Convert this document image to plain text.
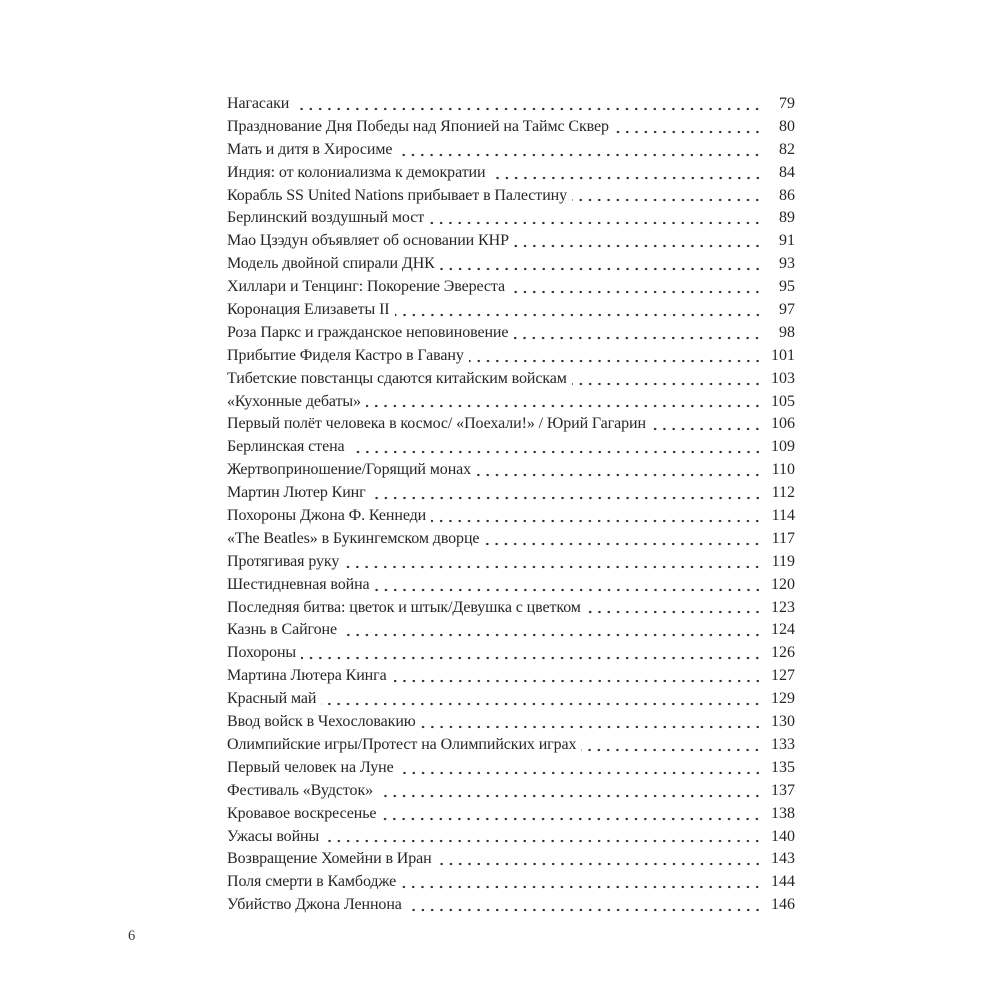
Нагасаки	79
Празднование Дня Победы над Японией на Таймс Сквер	80
Мать и дитя в Хиросиме	82
Индия: от колониализма к демократии	84
Корабль SS United Nations прибывает в Палестину	86
Берлинский воздушный мост	89
Мао Цзэдун объявляет об основании КНР	91
Модель двойной спирали ДНК	93
Хиллари и Тенцинг: Покорение Эвереста	95
Коронация Елизаветы II	97
Роза Паркс и гражданское неповиновение	98
Прибытие Фиделя Кастро в Гавану	101
Тибетские повстанцы сдаются китайским войскам	103
«Кухонные дебаты»	105
Первый полёт человека в космос/ «Поехали!» / Юрий Гагарин	106
Берлинская стена	109
Жертвоприношение/Горящий монах	110
Мартин Лютер Кинг	112
Похороны Джона Ф. Кеннеди	114
«The Beatles» в Букингемском дворце	117
Протягивая руку	119
Шестидневная война	120
Последняя битва: цветок и штык/Девушка с цветком	123
Казнь в Сайгоне	124
Похороны	126
Мартина Лютера Кинга	127
Красный май	129
Ввод войск в Чехословакию	130
Олимпийские игры/Протест на Олимпийских играх	133
Первый человек на Луне	135
Фестиваль «Вудсток»	137
Кровавое воскресенье	138
Ужасы войны	140
Возвращение Хомейни в Иран	143
Поля смерти в Камбодже	144
Убийство Джона Леннона	146
6
